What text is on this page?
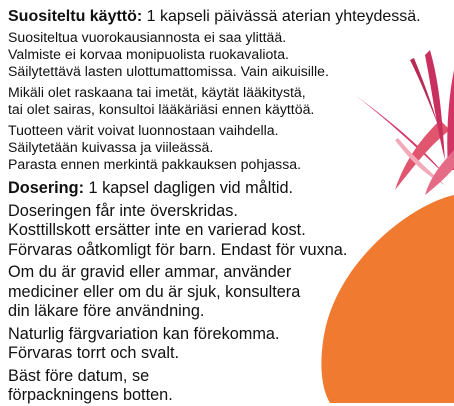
Suositeltu käyttö: 1 kapseli päivässä aterian yhteydessä.

Suositeltua vuorokausiannosta ei saa ylittää.

Valmiste ei korvaa monipuolista ruokavaliota.

Säilytettävä lasten ulottumattomissa. Vain aikuisille.

Mikäli olet raskaana tai imetät, käytät lääkitystä,

tai olet sairas, konsultoi lääkäriäsi ennen käyttöä.

Tuotteen värit voivat luonnostaan vaihdella.

Säilytetään kuivassa ja viileässä.

Parasta ennen merkintä pakkauksen pohjassa.

Dosering: 1 kapsel dagligen vid måltid.

Doseringen får inte överskridas.

Kosttillskott ersätter inte en varierad kost.

Förvaras oåtkomligt för barn. Endast för vuxna.

Om du är gravid eller ammar, använder

mediciner eller om du är sjuk, konsultera

din läkare före användning.

Naturlig färgvariation kan förekomma.

Förvaras torrt och svalt.

Bäst före datum, se

förpackningens botten.
